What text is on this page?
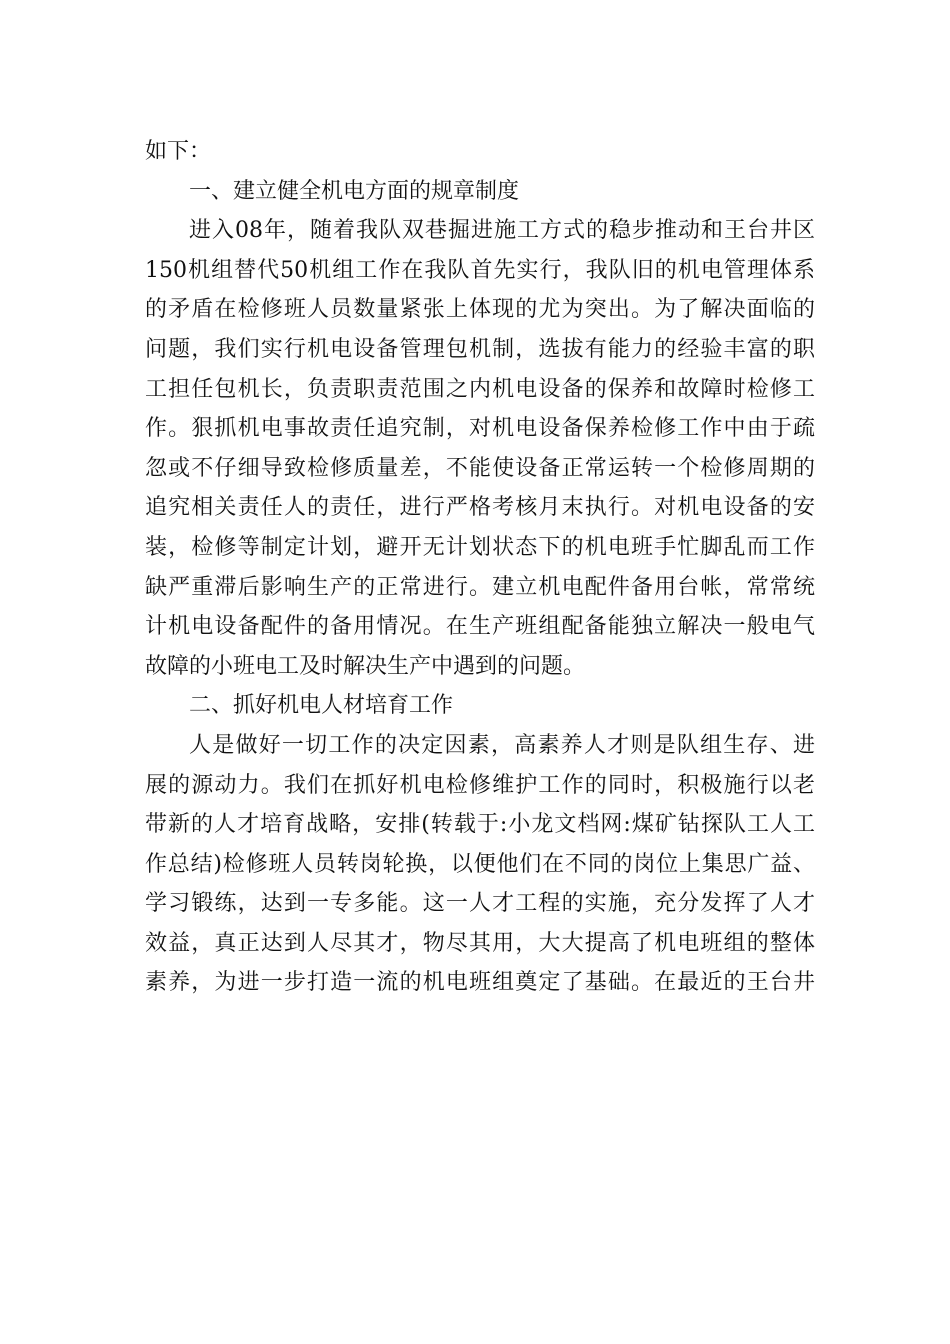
如下：
一、建立健全机电方面的规章制度
进入08年，随着我队双巷掘进施工方式的稳步推动和王台井区
150机组替代50机组工作在我队首先实行，我队旧的机电管理体系
的矛盾在检修班人员数量紧张上体现的尤为突出。为了解决面临的
问题，我们实行机电设备管理包机制，选拔有能力的经验丰富的职
工担任包机长，负责职责范围之内机电设备的保养和故障时检修工
作。狠抓机电事故责任追究制，对机电设备保养检修工作中由于疏
忽或不仔细导致检修质量差，不能使设备正常运转一个检修周期的
追究相关责任人的责任，进行严格考核月末执行。对机电设备的安
装，检修等制定计划，避开无计划状态下的机电班手忙脚乱而工作
缺严重滞后影响生产的正常进行。建立机电配件备用台帐，常常统
计机电设备配件的备用情况。在生产班组配备能独立解决一般电气
故障的小班电工及时解决生产中遇到的问题。
二、抓好机电人材培育工作
人是做好一切工作的决定因素，高素养人才则是队组生存、进
展的源动力。我们在抓好机电检修维护工作的同时，积极施行以老
带新的人才培育战略，安排(转载于:小龙文档网:煤矿钻探队工人工
作总结)检修班人员转岗轮换，以便他们在不同的岗位上集思广益、
学习锻练，达到一专多能。这一人才工程的实施，充分发挥了人才
效益，真正达到人尽其才，物尽其用，大大提高了机电班组的整体
素养，为进一步打造一流的机电班组奠定了基础。在最近的王台井
